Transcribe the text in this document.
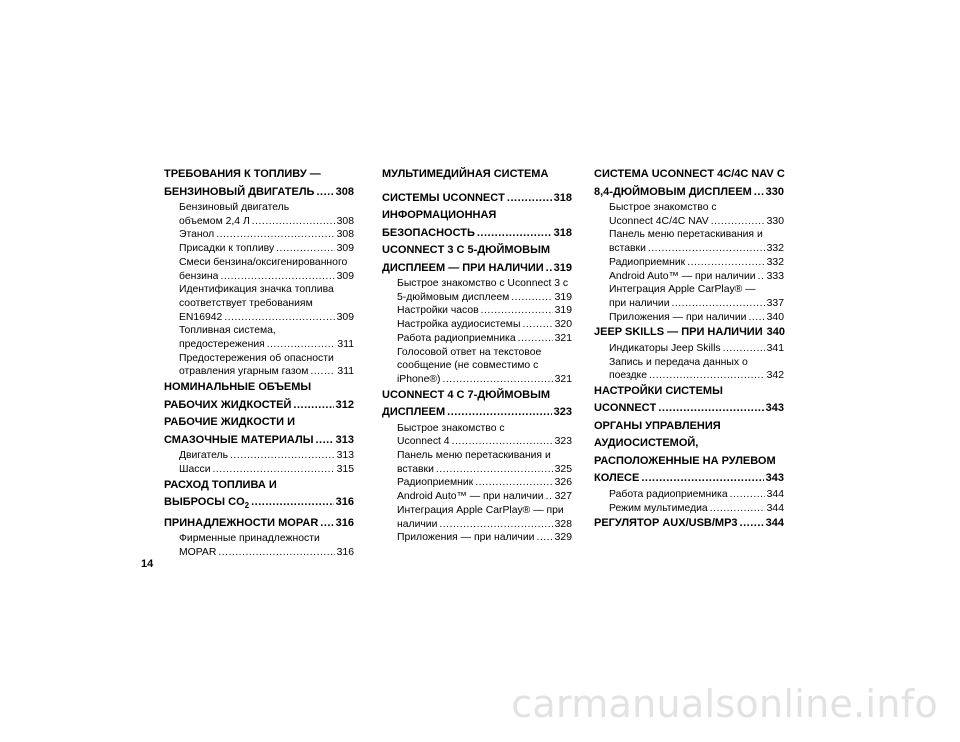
ТРЕБОВАНИЯ К ТОПЛИВУ —
БЕНЗИНОВЫЙ ДВИГАТЕЛЬ ..... 308
Бензиновый двигатель
объемом 2,4 Л .....	308
Этанол .....	308
Присадки к топливу .....	309
Смеси бензина/оксигенированного
бензина .....	309
Идентификация значка топлива
соответствует требованиям
EN16942 .....	309
Топливная система,
предостережения .....	311
Предостережения об опасности
отравления угарным газом .....	311
НОМИНАЛЬНЫЕ ОБЪЕМЫ
РАБОЧИХ ЖИДКОСТЕЙ .....	312
РАБОЧИЕ ЖИДКОСТИ И
СМАЗОЧНЫЕ МАТЕРИАЛЫ ..... 313
Двигатель .....	313
Шасси .....	315
РАСХОД ТОПЛИВА И
ВЫБРОСЫ $CO_2$ .....	316
ПРИНАДЛЕЖНОСТИ MOPAR ..... 316
Фирменные принадлежности
MOPAR .....	316
МУЛЬТИМЕДИЙНАЯ СИСТЕМА
СИСТЕМЫ UCONNECT .....	318
ИНФОРМАЦИОННАЯ
БЕЗОПАСНОСТЬ .....	318
UCONNECT 3 С 5-ДЮЙМОВЫМ
ДИСПЛЕЕМ — ПРИ НАЛИЧИИ ..... 319
Быстрое знакомство с Uconnect 3 с
5-дюймовым дисплеем .....	319
Настройки часов .....	319
Настройка аудиосистемы .....	320
Работа радиоприемника .....	321
Голосовой ответ на текстовое
сообщение (не совместимо с
iPhone®) .....	321
UCONNECT 4 С 7-ДЮЙМОВЫМ
ДИСПЛЕЕМ .....	323
Быстрое знакомство с
Uconnect 4 .....	323
Панель меню перетаскивания и
вставки .....	325
Радиоприемник .....	326
Android Auto™ — при наличии ..... 327
Интеграция Apple CarPlay® — при
наличии .....	328
Приложения — при наличии ..... 329
СИСТЕМА UCONNECT 4C/4C NAV С
8,4-ДЮЙМОВЫМ ДИСПЛЕЕМ ..... 330
Быстрое знакомство с
Uconnect 4C/4C NAV .....	330
Панель меню перетаскивания и
вставки .....	332
Радиоприемник .....	332
Android Auto™ — при наличии ..... 333
Интеграция Apple CarPlay® —
при наличии .....	337
Приложения — при наличии ..... 340
JEEP SKILLS — ПРИ НАЛИЧИИ 340
Индикаторы Jeep Skills .....	341
Запись и передача данных о
поездке .....	342
НАСТРОЙКИ СИСТЕМЫ
UCONNECT .....	343
ОРГАНЫ УПРАВЛЕНИЯ
АУДИОСИСТЕМОЙ,
РАСПОЛОЖЕННЫЕ НА РУЛЕВОМ
КОЛЕСЕ .....	343
Работа радиоприемника .....	344
Режим мультимедиа .....	344
РЕГУЛЯТОР AUX/USB/MP3 .....	344
14
carmanualsonline.info
